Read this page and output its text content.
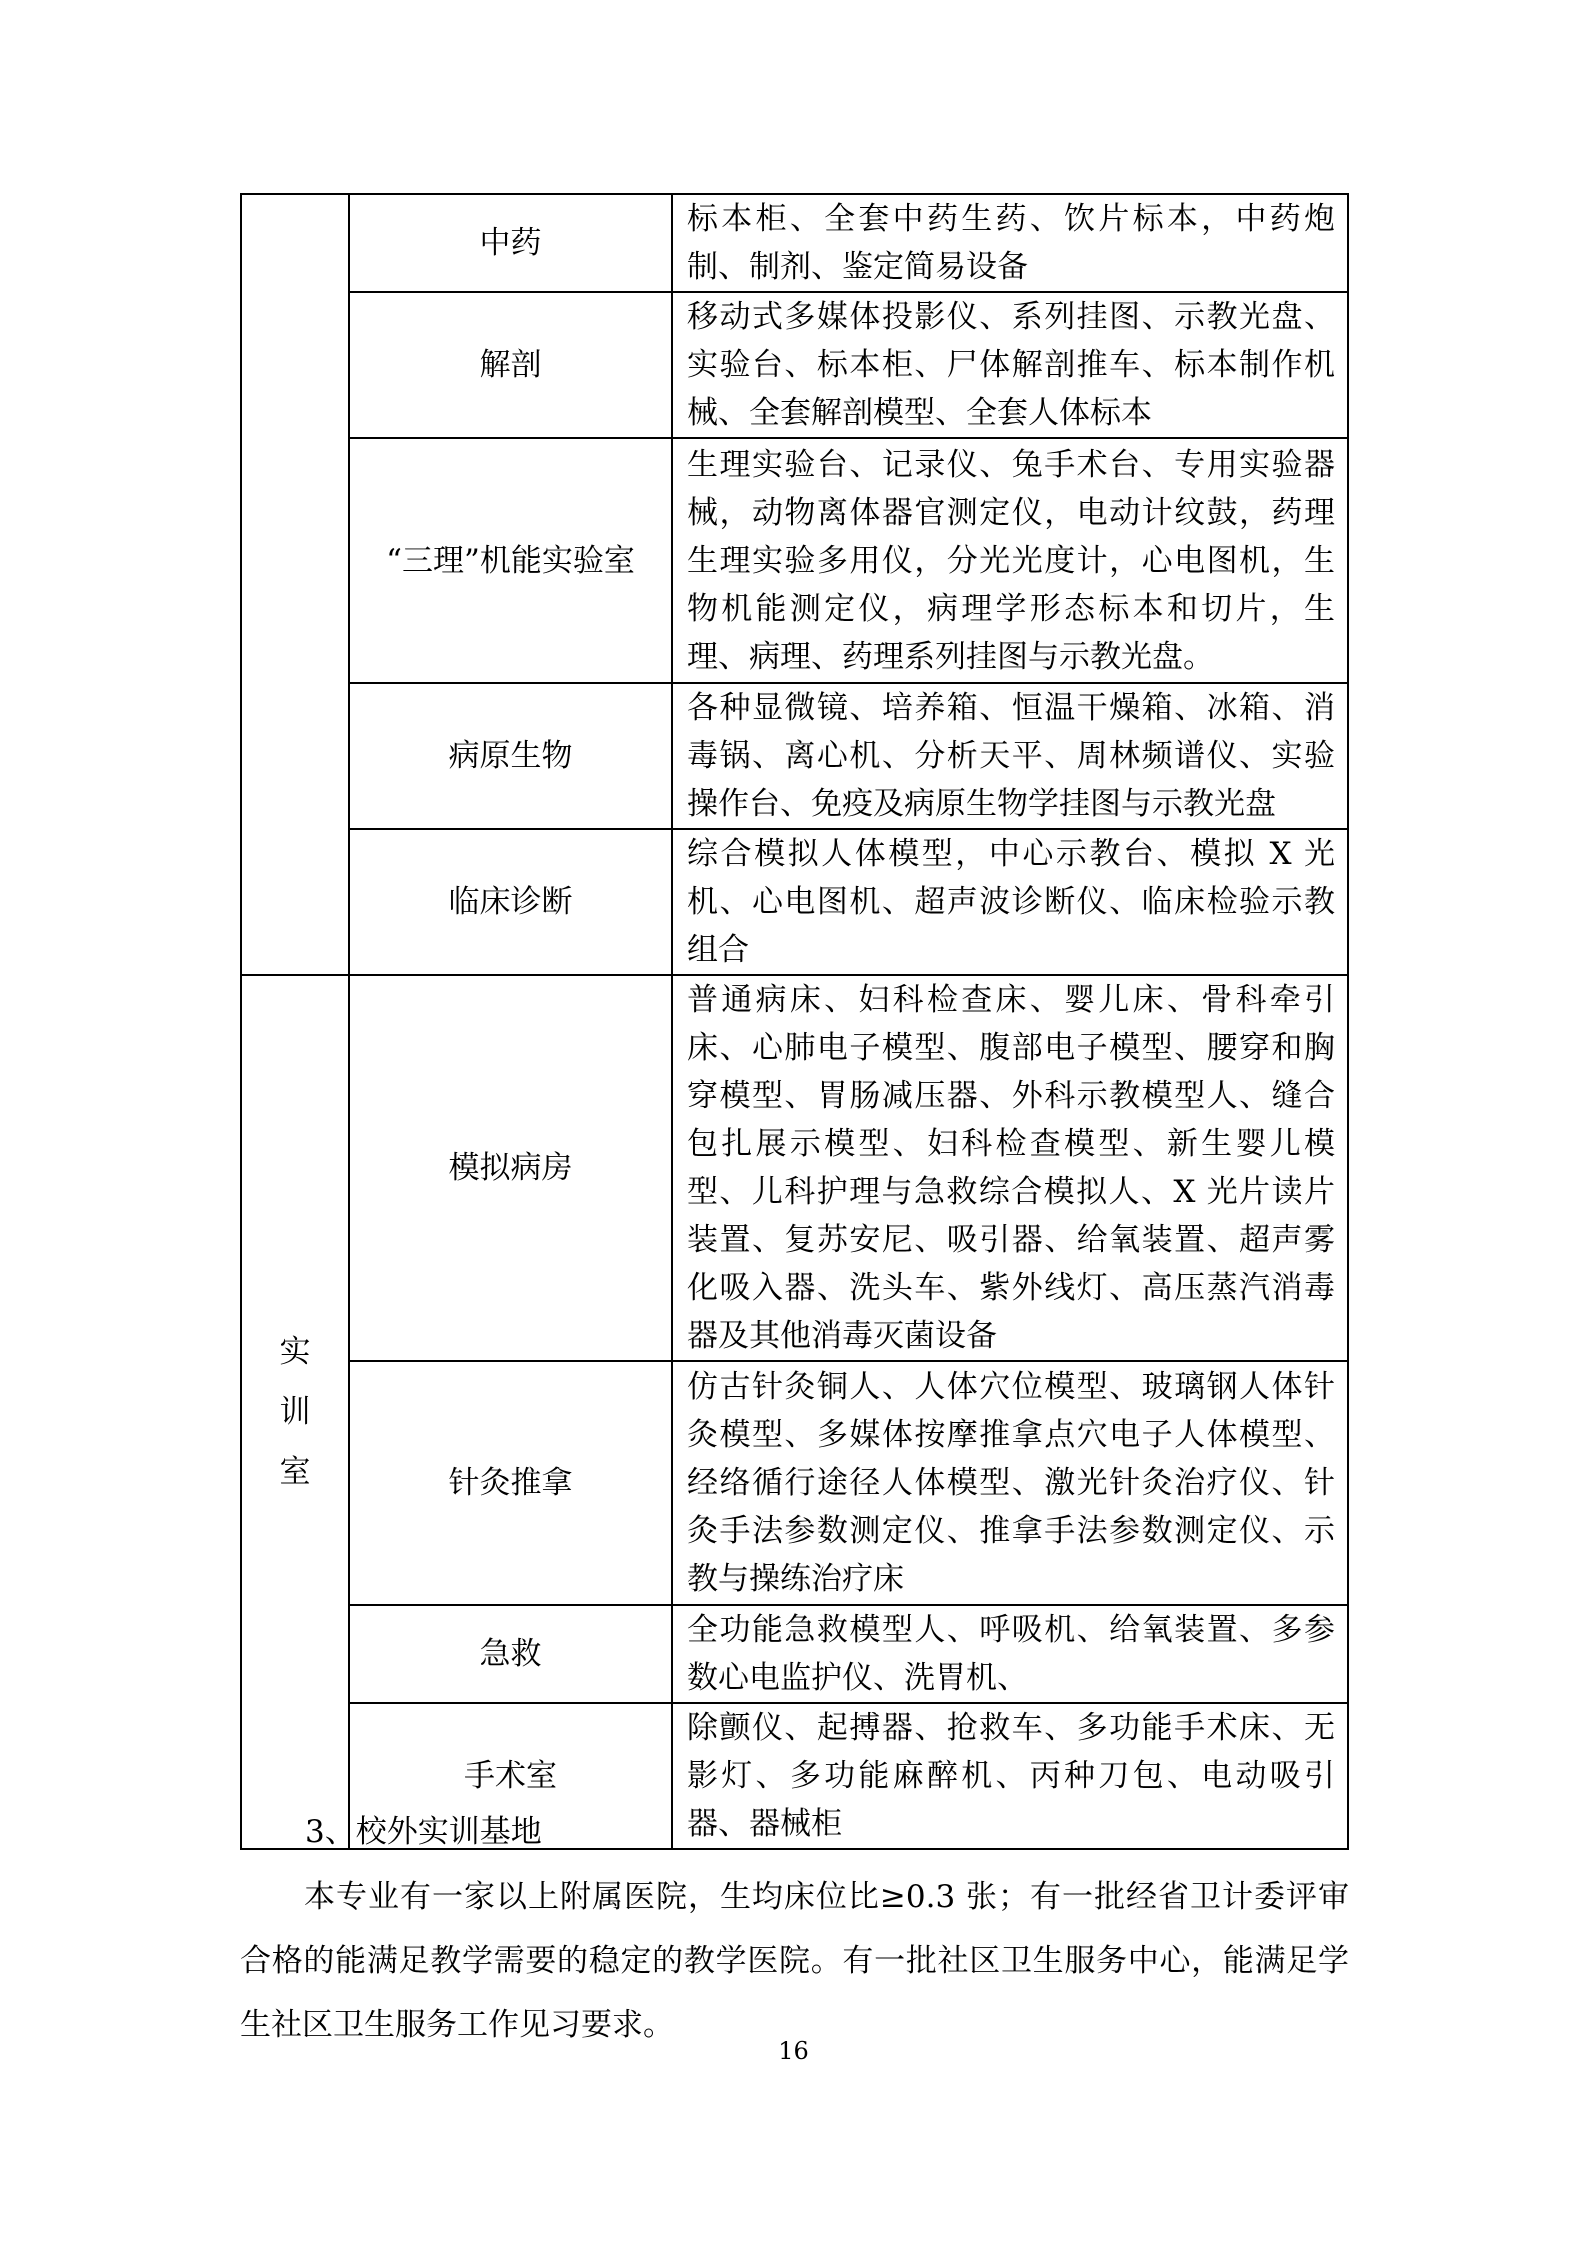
	中药	标本柜、全套中药生药、饮片标本，中药炮制、制剂、鉴定简易设备
	解剖	移动式多媒体投影仪、系列挂图、示教光盘、实验台、标本柜、尸体解剖推车、标本制作机械、全套解剖模型、全套人体标本
	“三理”机能实验室	生理实验台、记录仪、兔手术台、专用实验器械，动物离体器官测定仪，电动计纹鼓，药理生理实验多用仪，分光光度计，心电图机，生物机能测定仪，病理学形态标本和切片，生理、病理、药理系列挂图与示教光盘。
	病原生物	各种显微镜、培养箱、恒温干燥箱、冰箱、消毒锅、离心机、分析天平、周林频谱仪、实验操作台、免疫及病原生物学挂图与示教光盘
	临床诊断	综合模拟人体模型，中心示教台、模拟 X 光机、心电图机、超声波诊断仪、临床检验示教组合
实训室	模拟病房	普通病床、妇科检查床、婴儿床、骨科牵引床、心肺电子模型、腹部电子模型、腰穿和胸穿模型、胃肠减压器、外科示教模型人、缝合包扎展示模型、妇科检查模型、新生婴儿模型、儿科护理与急救综合模拟人、X 光片读片装置、复苏安尼、吸引器、给氧装置、超声雾化吸入器、洗头车、紫外线灯、高压蒸汽消毒器及其他消毒灭菌设备
	针灸推拿	仿古针灸铜人、人体穴位模型、玻璃钢人体针灸模型、多媒体按摩推拿点穴电子人体模型、经络循行途径人体模型、激光针灸治疗仪、针灸手法参数测定仪、推拿手法参数测定仪、示教与操练治疗床
	急救	全功能急救模型人、呼吸机、给氧装置、多参数心电监护仪、洗胃机、
	手术室	除颤仪、起搏器、抢救车、多功能手术床、无影灯、多功能麻醉机、丙种刀包、电动吸引器、器械柜
3、校外实训基地

本专业有一家以上附属医院，生均床位比≥0.3 张；有一批经省卫计委评审合格的能满足教学需要的稳定的教学医院。有一批社区卫生服务中心，能满足学生社区卫生服务工作见习要求。

16
